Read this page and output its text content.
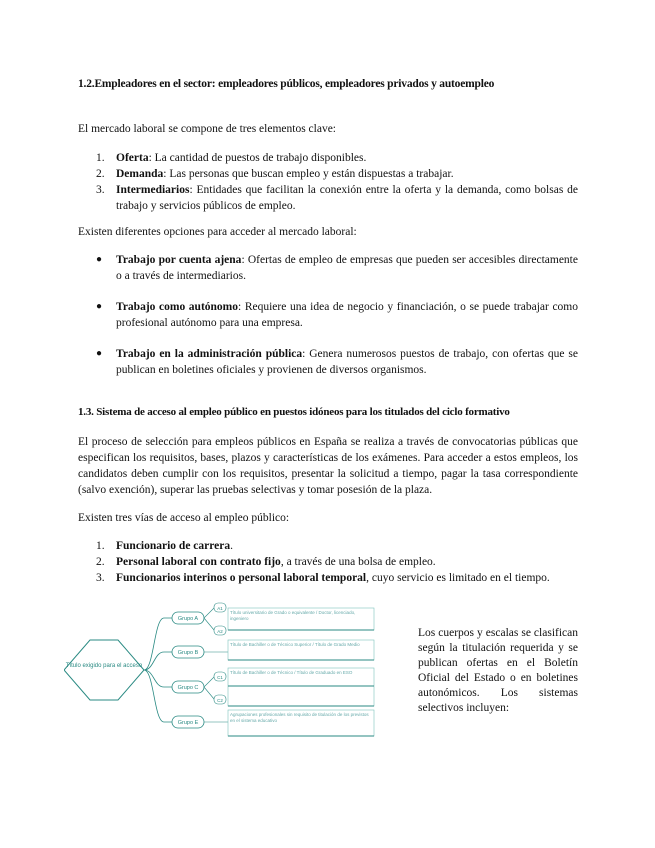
1.2.Empleadores en el sector: empleadores públicos, empleadores privados y autoempleo
El mercado laboral se compone de tres elementos clave:
1. Oferta: La cantidad de puestos de trabajo disponibles.
2. Demanda: Las personas que buscan empleo y están dispuestas a trabajar.
3. Intermediarios: Entidades que facilitan la conexión entre la oferta y la demanda, como bolsas de trabajo y servicios públicos de empleo.
Existen diferentes opciones para acceder al mercado laboral:
● Trabajo por cuenta ajena: Ofertas de empleo de empresas que pueden ser accesibles directamente o a través de intermediarios.
● Trabajo como autónomo: Requiere una idea de negocio y financiación, o se puede trabajar como profesional autónomo para una empresa.
● Trabajo en la administración pública: Genera numerosos puestos de trabajo, con ofertas que se publican en boletines oficiales y provienen de diversos organismos.
1.3. Sistema de acceso al empleo público en puestos idóneos para los titulados del ciclo formativo
El proceso de selección para empleos públicos en España se realiza a través de convocatorias públicas que especifican los requisitos, bases, plazos y características de los exámenes. Para acceder a estos empleos, los candidatos deben cumplir con los requisitos, presentar la solicitud a tiempo, pagar la tasa correspondiente (salvo exención), superar las pruebas selectivas y tomar posesión de la plaza.
Existen tres vías de acceso al empleo público:
1. Funcionario de carrera.
2. Personal laboral con contrato fijo, a través de una bolsa de empleo.
3. Funcionarios interinos o personal laboral temporal, cuyo servicio es limitado en el tiempo.
Título exigido para el acceso
Grupo A
A1
A2
Título universitario de Grado o equivalente / Doctor, licenciado, ingeniero
Grupo B
Título de Bachiller o de Técnico Superior / Título de Grado Medio
Grupo C
C1
C2
Título de Bachiller o de Técnico / Título de Graduado en ESO
Grupo E
Agrupaciones profesionales sin requisito de titulación de los previstos en el sistema educativo
Los cuerpos y escalas se clasifican según la titulación requerida y se publican ofertas en el Boletín Oficial del Estado o en boletines autonómicos. Los sistemas selectivos incluyen:
